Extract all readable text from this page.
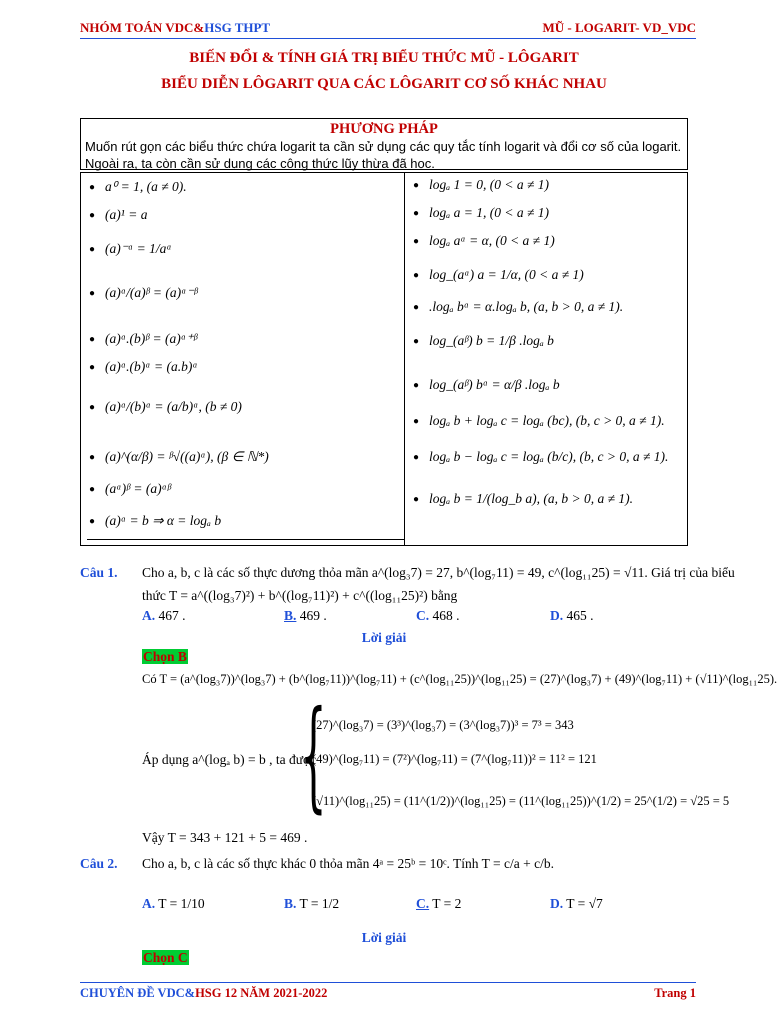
NHÓM TOÁN VDC&HSG THPT	MŨ - LOGARIT- VD_VDC
BIẾN ĐỔI & TÍNH GIÁ TRỊ BIỂU THỨC MŨ - LÔGARIT
BIỂU DIỄN LÔGARIT QUA CÁC LÔGARIT CƠ SỐ KHÁC NHAU
PHƯƠNG PHÁP
Muốn rút gọn các biểu thức chứa logarit ta cần sử dụng các quy tắc tính logarit và đổi cơ số của logarit. Ngoài ra, ta còn cần sử dụng các công thức lũy thừa đã học.
● a⁰ = 1, (a ≠ 0).
● (a)¹ = a
● (a)⁻ᵅ = 1/aᵅ
● (a)ᵅ/(a)ᵝ = (a)ᵅ⁻ᵝ
● (a)ᵅ.(b)ᵝ = (a)ᵅ⁺ᵝ
● (a)ᵅ.(b)ᵅ = (a.b)ᵅ
● (a)ᵅ/(b)ᵅ = (a/b)ᵅ, (b ≠ 0)
● (a)^(α/β) = ᵝ√((a)ᵅ), (β ∈ ℕ*)
● (aᵅ)ᵝ = (a)ᵅᵝ
● (a)ᵅ = b ⇒ α = logₐ b
● logₐ 1 = 0, (0 < a ≠ 1)
● logₐ a = 1, (0 < a ≠ 1)
● logₐ aᵅ = α, (0 < a ≠ 1)
● log_(aᵅ) a = 1/α, (0 < a ≠ 1)
● .logₐ bᵅ = α.logₐ b, (a, b > 0, a ≠ 1).
● log_(aᵝ) b = 1/β .logₐ b
● log_(aᵝ) bᵅ = α/β .logₐ b
● logₐ b + logₐ c = logₐ (bc), (b, c > 0, a ≠ 1).
● logₐ b − logₐ c = logₐ (b/c), (b, c > 0, a ≠ 1).
● logₐ b = 1/(log_b a), (a, b > 0, a ≠ 1).
Câu 1. Cho a, b, c là các số thực dương thỏa mãn a^(log₃7) = 27, b^(log₇11) = 49, c^(log₁₁25) = √11. Giá trị của biểu
thức T = a^((log₃7)²) + b^((log₇11)²) + c^((log₁₁25)²) bằng
A. 467 .	B. 469 .	C. 468 .	D. 465 .
Lời giải
Chọn B
Có T = (a^(log₃7))^(log₃7) + (b^(log₇11))^(log₇11) + (c^(log₁₁25))^(log₁₁25) = (27)^(log₃7) + (49)^(log₇11) + (√11)^(log₁₁25).
Áp dụng a^(logₐ b) = b , ta được
{
(27)^(log₃7) = (3³)^(log₃7) = (3^(log₃7))³ = 7³ = 343
(49)^(log₇11) = (7²)^(log₇11) = (7^(log₇11))² = 11² = 121
(√11)^(log₁₁25) = (11^(1/2))^(log₁₁25) = (11^(log₁₁25))^(1/2) = 25^(1/2) = √25 = 5
Vậy T = 343 + 121 + 5 = 469 .
Câu 2. Cho a, b, c là các số thực khác 0 thỏa mãn 4ᵃ = 25ᵇ = 10ᶜ. Tính T = c/a + c/b.
A. T = 1/10	B. T = 1/2	C. T = 2	D. T = √7
Lời giải
Chọn C
CHUYÊN ĐỀ VDC&HSG 12 NĂM 2021-2022	Trang 1
